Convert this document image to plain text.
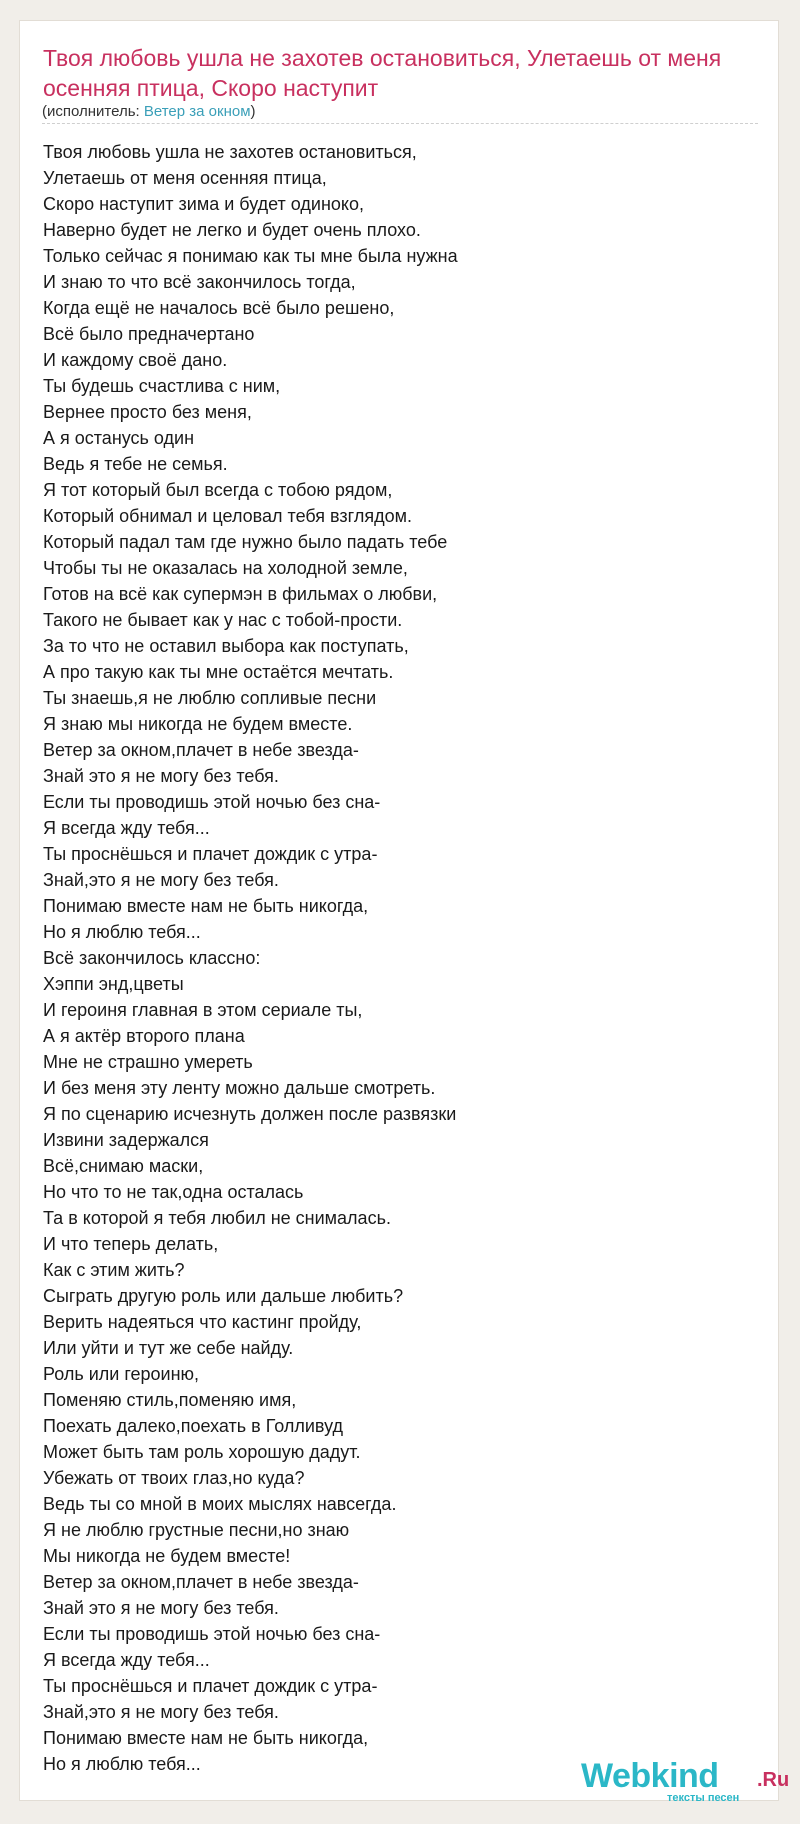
Твоя любовь ушла не захотев остановиться, Улетаешь от меня осенняя птица, Скоро наступит
(исполнитель: Ветер за окном)
Твоя любовь ушла не захотев остановиться,
Улетаешь от меня осенняя птица,
Скоро наступит зима и будет одиноко,
Наверно будет не легко и будет очень плохо.
Только сейчас я понимаю как ты мне была нужна
И знаю то что всё закончилось тогда,
Когда ещё не началось всё было решено,
Всё было предначертано
И каждому своё дано.
Ты будешь счастлива с ним,
Вернее просто без меня,
А я останусь один
Ведь я тебе не семья.
Я тот который был всегда с тобою рядом,
Который обнимал и целовал тебя взглядом.
Который падал там где нужно было падать тебе
Чтобы ты не оказалась на холодной земле,
Готов на всё как супермэн в фильмах о любви,
Такого не бывает как у нас с тобой-прости.
За то что не оставил выбора как поступать,
А про такую как ты мне остаётся мечтать.
Ты знаешь,я не люблю сопливые песни
Я знаю мы никогда не будем вместе.
Ветер за окном,плачет в небе звезда-
Знай это я не могу без тебя.
Если ты проводишь этой ночью без сна-
Я всегда жду тебя...
Ты проснёшься и плачет дождик с утра-
Знай,это я не могу без тебя.
Понимаю вместе нам не быть никогда,
Но я люблю тебя...
Всё закончилось классно:
Хэппи энд,цветы
И героиня главная в этом сериале ты,
А я актёр второго плана
Мне не страшно умереть
И без меня эту ленту можно дальше смотреть.
Я по сценарию исчезнуть должен после развязки
Извини задержался
Всё,снимаю маски,
Но что то не так,одна осталась
Та в которой я тебя любил не снималась.
И что теперь делать,
Как с этим жить?
Сыграть другую роль или дальше любить?
Верить надеяться что кастинг пройду,
Или уйти и тут же себе найду.
Роль или героиню,
Поменяю стиль,поменяю имя,
Поехать далеко,поехать в Голливуд
Может быть там роль хорошую дадут.
Убежать от твоих глаз,но куда?
Ведь ты со мной в моих мыслях навсегда.
Я не люблю грустные песни,но знаю
Мы никогда не будем вместе!
Ветер за окном,плачет в небе звезда-
Знай это я не могу без тебя.
Если ты проводишь этой ночью без сна-
Я всегда жду тебя...
Ты проснёшься и плачет дождик с утра-
Знай,это я не могу без тебя.
Понимаю вместе нам не быть никогда,
Но я люблю тебя...	Webkind .Ru
тексты песен
